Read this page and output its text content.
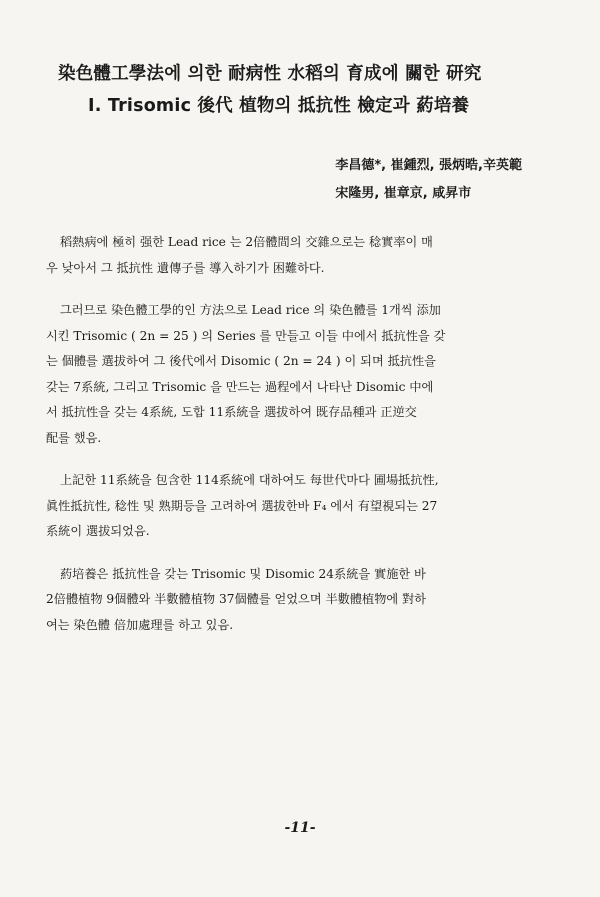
染色體工學法에 의한 耐病性 水稻의 育成에 關한 研究
Ⅰ. Trisomic 後代 植物의 抵抗性 檢定과 葯培養
李昌德*, 崔鍾烈, 張炳晧,辛英範
宋隆男, 崔章京, 咸昇市

稻熱病에 極히 强한 Lead rice 는 2倍體間의 交雜으로는 稔實率이 매

우 낮아서 그 抵抗性 遺傳子를 導入하기가 困難하다.

그러므로 染色體工學的인 方法으로 Lead rice 의 染色體를 1개씩 添加

시킨 Trisomic ( 2n = 25 ) 의 Series 를 만들고 이들 中에서 抵抗性을 갖

는 個體를 選拔하여 그 後代에서 Disomic ( 2n = 24 ) 이 되며 抵抗性을

갖는 7系統, 그리고 Trisomic 을 만드는 過程에서 나타난 Disomic 中에

서 抵抗性을 갖는 4系統, 도합 11系統을 選拔하여 既存品種과 正逆交

配를 했음.

上記한 11系統을 包含한 114系統에 대하여도 每世代마다 圃場抵抗性,

眞性抵抗性, 稔性 및 熟期등을 고려하여 選拔한바 F₄ 에서 有望視되는 27

系統이 選拔되었음.

葯培養은 抵抗性을 갖는 Trisomic 및 Disomic 24系統을 實施한 바

2倍體植物 9個體와 半數體植物 37個體를 얻었으며 半數體植物에 對하

여는 染色體 倍加處理를 하고 있음.

-11-
